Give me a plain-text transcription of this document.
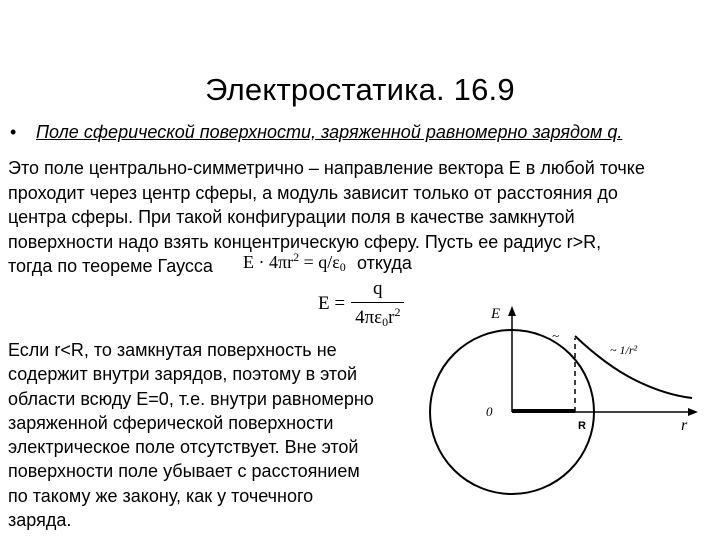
Электростатика. 16.9
• Поле сферической поверхности, заряженной равномерно зарядом q.

Это поле центрально-симметрично – направление вектора Е в любой точке

проходит через центр сферы, а модуль зависит только от расстояния до

центра сферы. При такой конфигурации поля в качестве замкнутой

поверхности надо взять концентрическую сферу. Пусть ее радиус r>R,

тогда по теореме Гаусса	$E \cdot 4\pi r^2 = q/\varepsilon_0$ откуда
$E = \frac{q}{4\pi\varepsilon_0r^2}$

Если r<R, то замкнутая поверхность не

содержит внутри зарядов, поэтому в этой

области всюду Е=0, т.е. внутри равномерно

заряженной сферической поверхности

электрическое поле отсутствует. Вне этой

поверхности поле убывает с расстоянием

по такому же закону, как у точечного

заряда.

E
r
0
R
~ 1/r²
~
